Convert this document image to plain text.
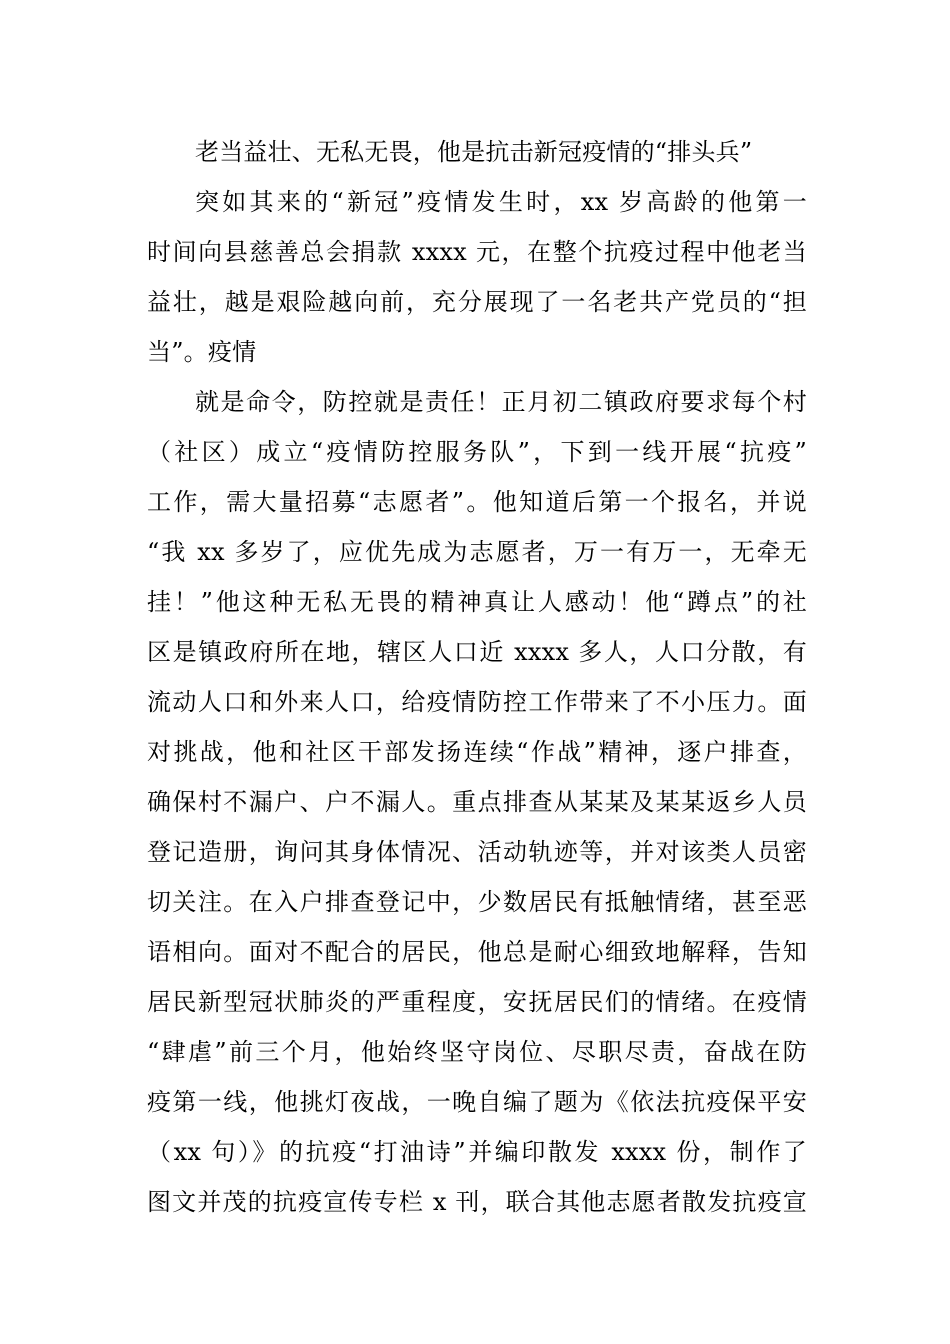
老当益壮、无私无畏，他是抗击新冠疫情的“排头兵”
突如其来的“新冠”疫情发生时，xx 岁高龄的他第一
时间向县慈善总会捐款 xxxx 元，在整个抗疫过程中他老当
益壮，越是艰险越向前，充分展现了一名老共产党员的“担
当”。疫情
就是命令，防控就是责任！正月初二镇政府要求每个村
（社区）成立“疫情防控服务队”，下到一线开展“抗疫”
工作，需大量招募“志愿者”。他知道后第一个报名，并说
“我 xx 多岁了，应优先成为志愿者，万一有万一，无牵无
挂！”他这种无私无畏的精神真让人感动！他“蹲点”的社
区是镇政府所在地，辖区人口近 xxxx 多人，人口分散，有
流动人口和外来人口，给疫情防控工作带来了不小压力。面
对挑战，他和社区干部发扬连续“作战”精神，逐户排查，
确保村不漏户、户不漏人。重点排查从某某及某某返乡人员
登记造册，询问其身体情况、活动轨迹等，并对该类人员密
切关注。在入户排查登记中，少数居民有抵触情绪，甚至恶
语相向。面对不配合的居民，他总是耐心细致地解释，告知
居民新型冠状肺炎的严重程度，安抚居民们的情绪。在疫情
“肆虐”前三个月，他始终坚守岗位、尽职尽责，奋战在防
疫第一线，他挑灯夜战，一晚自编了题为《依法抗疫保平安
（xx 句）》的抗疫“打油诗”并编印散发 xxxx 份，制作了
图文并茂的抗疫宣传专栏 x 刊，联合其他志愿者散发抗疫宣
